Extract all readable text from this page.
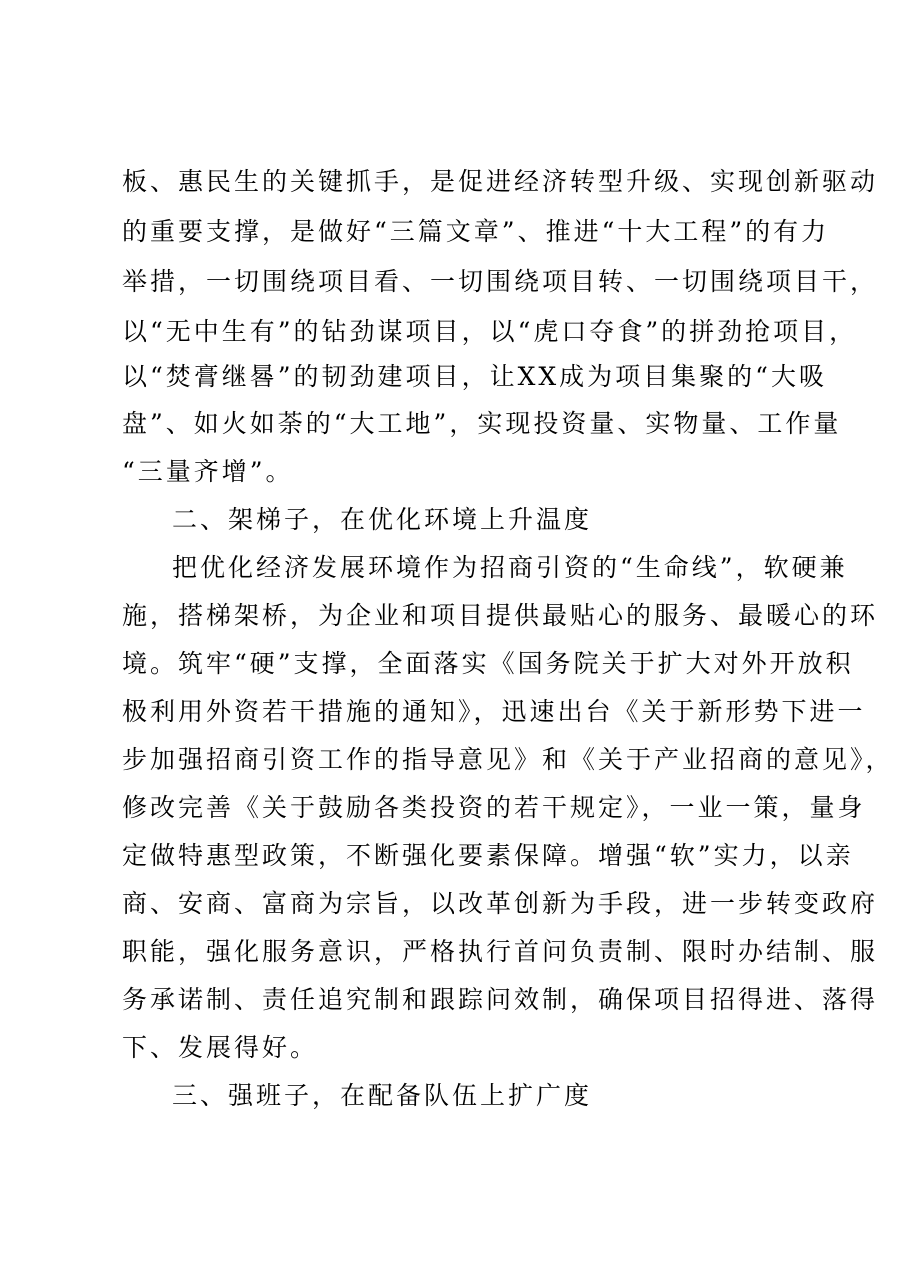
板、惠民生的关键抓手，是促进经济转型升级、实现创新驱动
的重要支撑，是做好“三篇文章”、推进“十大工程”的有力
举措，一切围绕项目看、一切围绕项目转、一切围绕项目干，
以“无中生有”的钻劲谋项目，以“虎口夺食”的拼劲抢项目，
以“焚膏继晷”的韧劲建项目，让XX成为项目集聚的“大吸
盘”、如火如荼的“大工地”，实现投资量、实物量、工作量
“三量齐增”。
二、架梯子，在优化环境上升温度
把优化经济发展环境作为招商引资的“生命线”，软硬兼
施，搭梯架桥，为企业和项目提供最贴心的服务、最暖心的环
境。筑牢“硬”支撑，全面落实《国务院关于扩大对外开放积
极利用外资若干措施的通知》，迅速出台《关于新形势下进一
步加强招商引资工作的指导意见》和《关于产业招商的意见》，
修改完善《关于鼓励各类投资的若干规定》，一业一策，量身
定做特惠型政策，不断强化要素保障。增强“软”实力，以亲
商、安商、富商为宗旨，以改革创新为手段，进一步转变政府
职能，强化服务意识，严格执行首问负责制、限时办结制、服
务承诺制、责任追究制和跟踪问效制，确保项目招得进、落得
下、发展得好。
三、强班子，在配备队伍上扩广度
